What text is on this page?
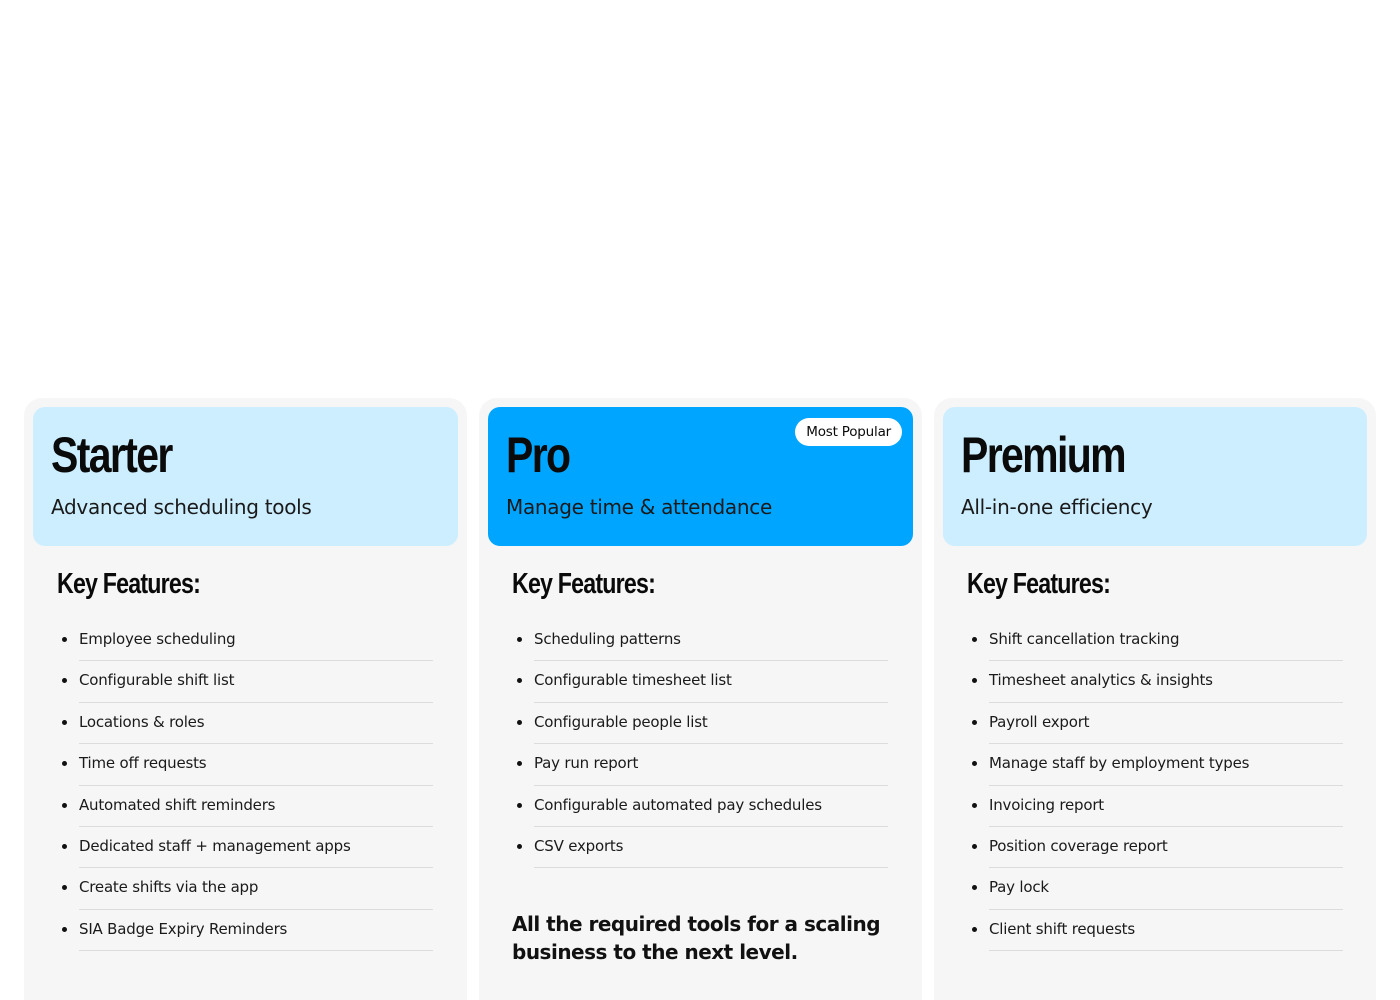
Starter

Advanced scheduling tools

Key Features:
Employee scheduling
Configurable shift list
Locations & roles
Time off requests
Automated shift reminders
Dedicated staff + management apps
Create shifts via the app
SIA Badge Expiry Reminders
Pro

Manage time & attendance

Most Popular
Key Features:
Scheduling patterns
Configurable timesheet list
Configurable people list
Pay run report
Configurable automated pay schedules
CSV exports

All the required tools for a scaling business to the next level.

Premium

All-in-one efficiency

Key Features:
Shift cancellation tracking
Timesheet analytics & insights
Payroll export
Manage staff by employment types
Invoicing report
Position coverage report
Pay lock
Client shift requests
